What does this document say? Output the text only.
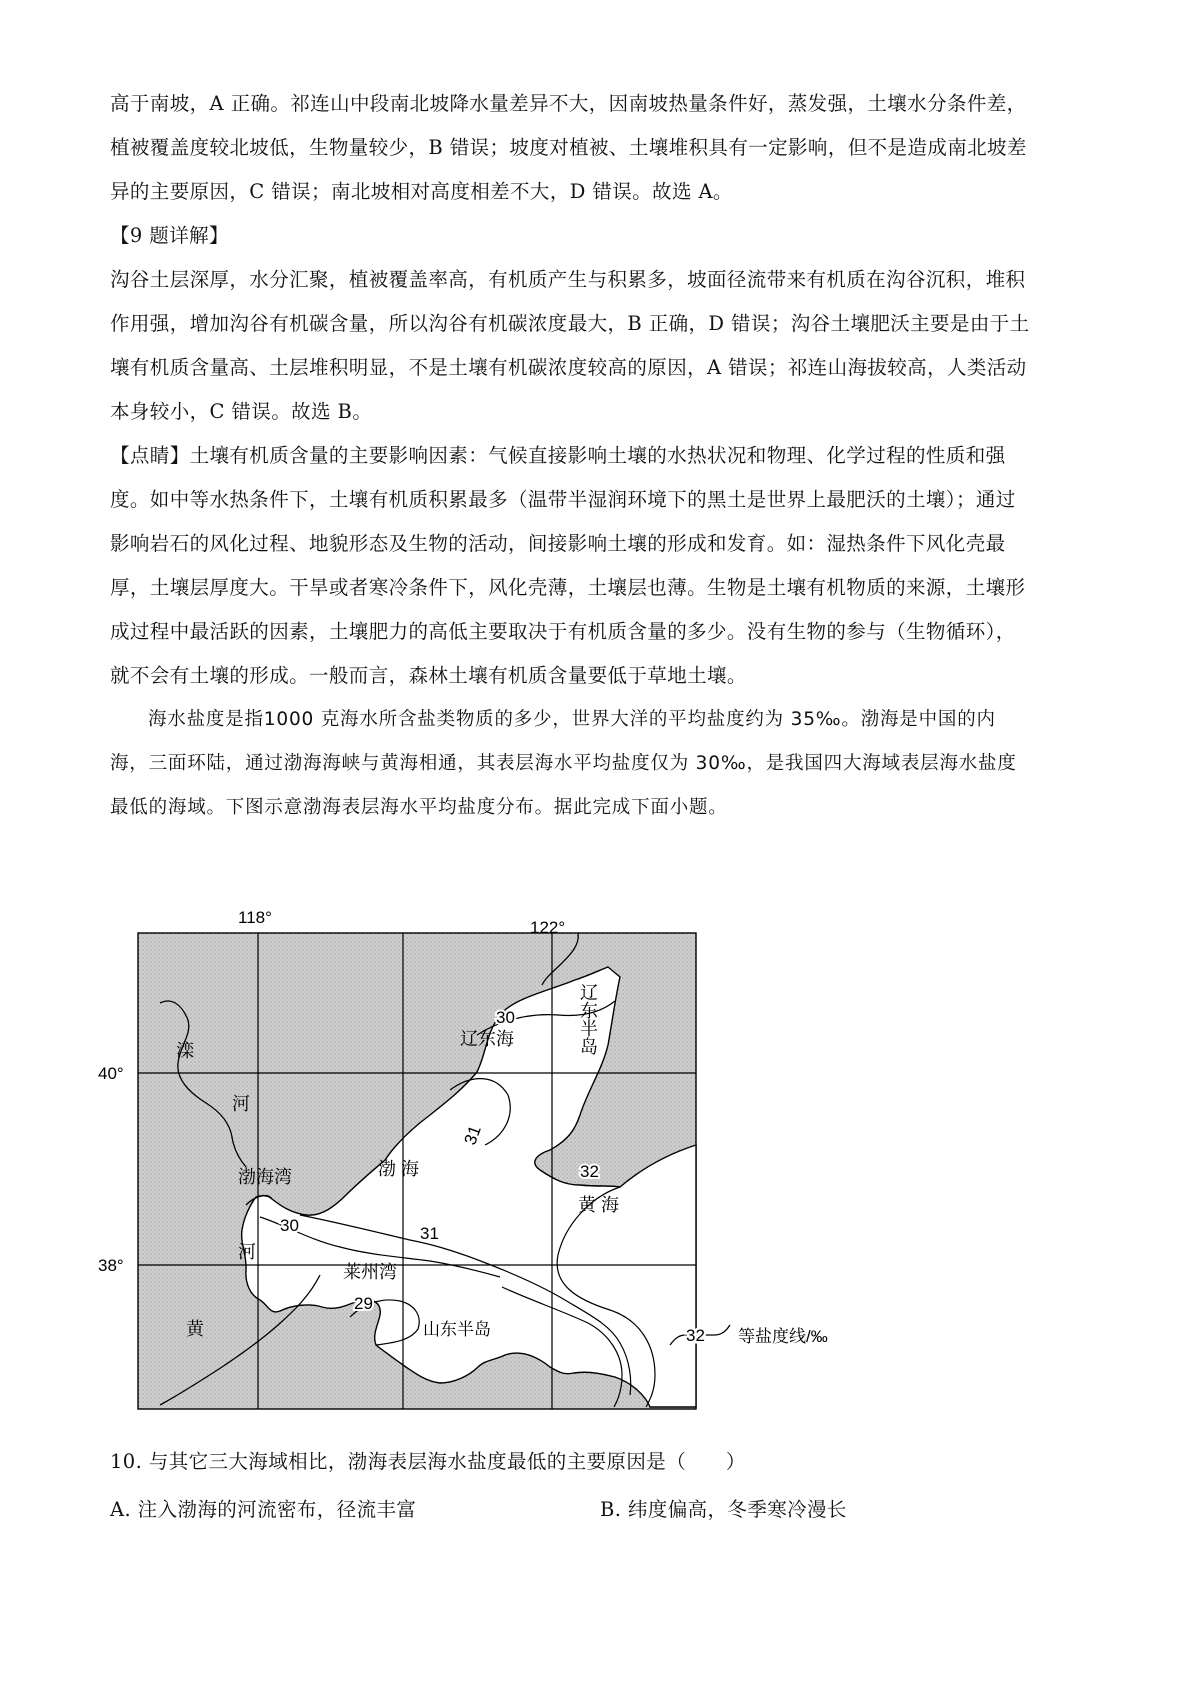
高于南坡，A 正确。祁连山中段南北坡降水量差异不大，因南坡热量条件好，蒸发强，土壤水分条件差，
植被覆盖度较北坡低，生物量较少，B 错误；坡度对植被、土壤堆积具有一定影响，但不是造成南北坡差
异的主要原因，C 错误；南北坡相对高度相差不大，D 错误。故选 A。
【9 题详解】
沟谷土层深厚，水分汇聚，植被覆盖率高，有机质产生与积累多，坡面径流带来有机质在沟谷沉积，堆积
作用强，增加沟谷有机碳含量，所以沟谷有机碳浓度最大，B 正确，D 错误；沟谷土壤肥沃主要是由于土
壤有机质含量高、土层堆积明显，不是土壤有机碳浓度较高的原因，A 错误；祁连山海拔较高，人类活动
本身较小，C 错误。故选 B。
【点睛】土壤有机质含量的主要影响因素：气候直接影响土壤的水热状况和物理、化学过程的性质和强
度。如中等水热条件下，土壤有机质积累最多（温带半湿润环境下的黑土是世界上最肥沃的土壤）；通过
影响岩石的风化过程、地貌形态及生物的活动，间接影响土壤的形成和发育。如：湿热条件下风化壳最
厚，土壤层厚度大。干旱或者寒冷条件下，风化壳薄，土壤层也薄。生物是土壤有机物质的来源，土壤形
成过程中最活跃的因素，土壤肥力的高低主要取决于有机质含量的多少。没有生物的参与（生物循环），
就不会有土壤的形成。一般而言，森林土壤有机质含量要低于草地土壤。
海水盐度是指1000 克海水所含盐类物质的多少，世界大洋的平均盐度约为 35‰。渤海是中国的内
海，三面环陆，通过渤海海峡与黄海相通，其表层海水平均盐度仅为 30‰，是我国四大海域表层海水盐度
最低的海域。下图示意渤海表层海水平均盐度分布。据此完成下面小题。
118°
122°
40°
38°
辽东半岛
辽东海
渤 海
渤海湾
黄 海
莱州湾
山东半岛
滦
河
河
黄
30
31
32
30	31
29
32 等盐度线/‰
10. 与其它三大海域相比，渤海表层海水盐度最低的主要原因是（　　）
A. 注入渤海的河流密布，径流丰富	B. 纬度偏高，冬季寒冷漫长
